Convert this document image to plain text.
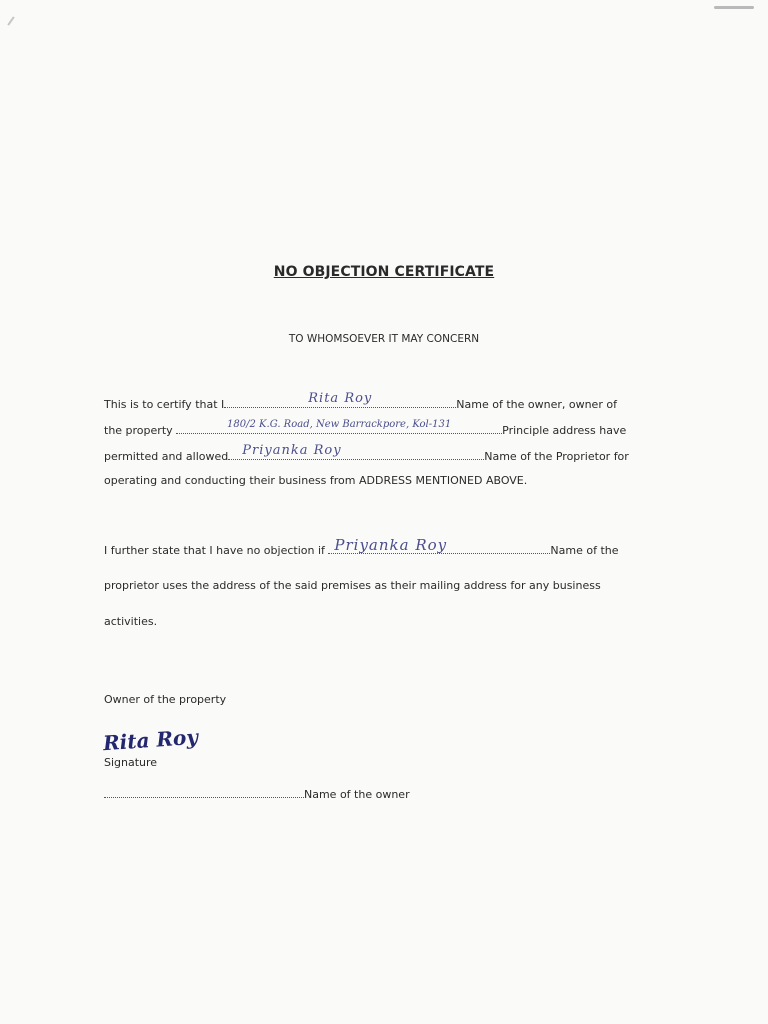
NO OBJECTION CERTIFICATE
TO WHOMSOEVER IT MAY CONCERN
This is to certify that I	Rita Roy	Name of the owner, owner of
the property	180/2 K.G. Road, New Barrackpore, Kol-131	Principle address have
permitted and allowed	Priyanka Roy	Name of the Proprietor for
operating and conducting their business from ADDRESS MENTIONED ABOVE.
I further state that I have no objection if Priyanka Roy	Name of the
proprietor uses the address of the said premises as their mailing address for any business
activities.
Owner of the property
Rita Roy
Signature
Name of the owner
